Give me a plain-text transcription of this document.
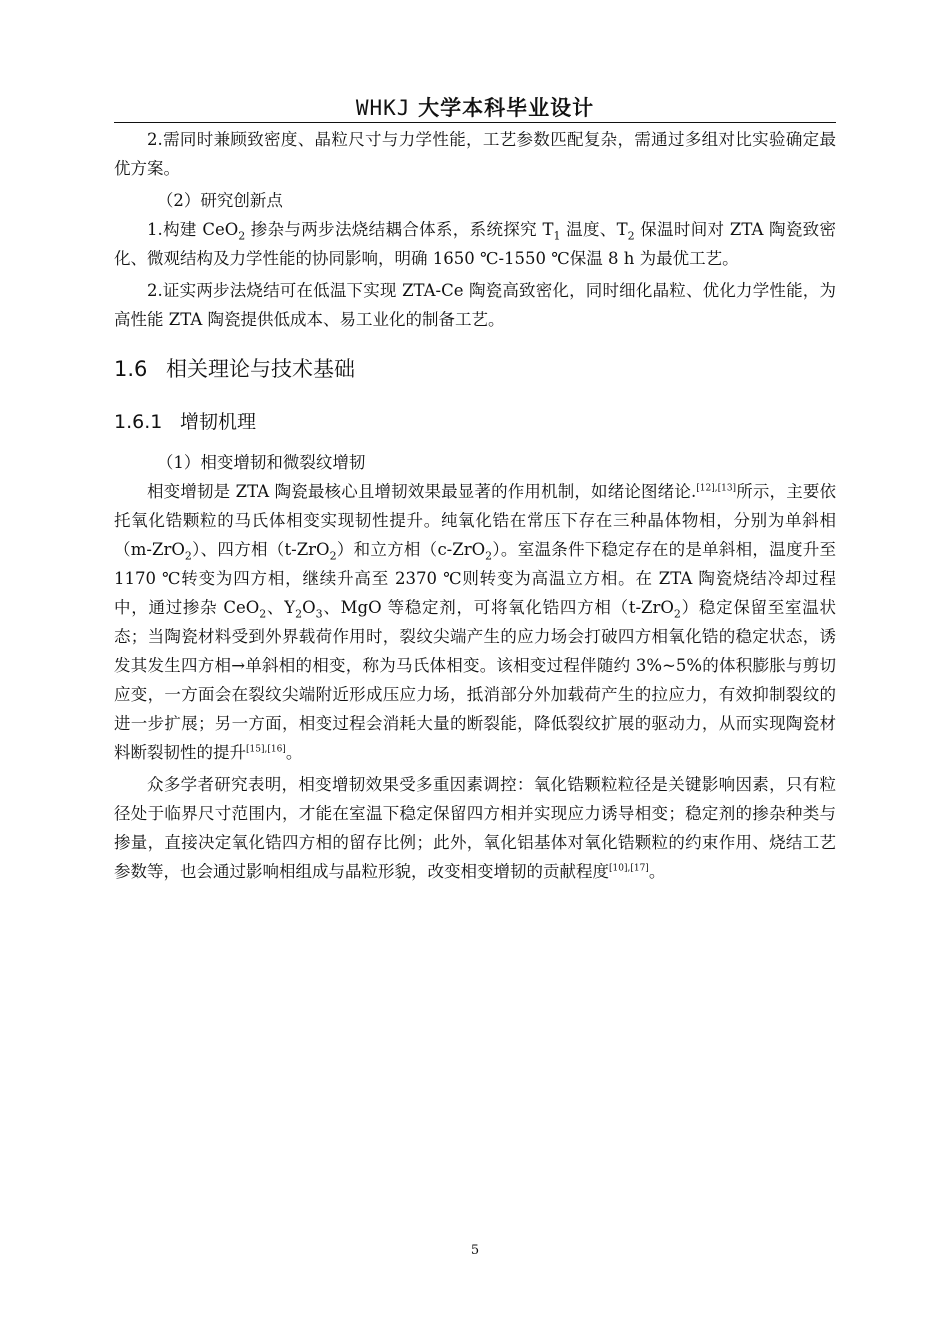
WHKJ 大学本科毕业设计

2.需同时兼顾致密度、晶粒尺寸与力学性能，工艺参数匹配复杂，需通过多组对比实验确定最优方案。

（2）研究创新点

1.构建 CeO$_2$ 掺杂与两步法烧结耦合体系，系统探究 $T_1$ 温度、$T_2$ 保温时间对 ZTA 陶瓷致密化、微观结构及力学性能的协同影响，明确 1650 ℃-1550 ℃保温 8 h 为最优工艺。

2.证实两步法烧结可在低温下实现 ZTA-Ce 陶瓷高致密化，同时细化晶粒、优化力学性能，为高性能 ZTA 陶瓷提供低成本、易工业化的制备工艺。

1.6 相关理论与技术基础
1.6.1 增韧机理

（1）相变增韧和微裂纹增韧

相变增韧是 ZTA 陶瓷最核心且增韧效果最显著的作用机制，如绪论图绪论.[12],[13]所示，主要依托氧化锆颗粒的马氏体相变实现韧性提升。纯氧化锆在常压下存在三种晶体物相，分别为单斜相（m-ZrO$_2$）、四方相（t-ZrO$_2$）和立方相（c-ZrO$_2$）。室温条件下稳定存在的是单斜相，温度升至 1170 ℃转变为四方相，继续升高至 2370 ℃则转变为高温立方相。在 ZTA 陶瓷烧结冷却过程中，通过掺杂 CeO$_2$、$Y_2O_3$、MgO 等稳定剂，可将氧化锆四方相（t-ZrO$_2$）稳定保留至室温状态；当陶瓷材料受到外界载荷作用时，裂纹尖端产生的应力场会打破四方相氧化锆的稳定状态，诱发其发生四方相→单斜相的相变，称为马氏体相变。该相变过程伴随约 3%~5%的体积膨胀与剪切应变，一方面会在裂纹尖端附近形成压应力场，抵消部分外加载荷产生的拉应力，有效抑制裂纹的进一步扩展；另一方面，相变过程会消耗大量的断裂能，降低裂纹扩展的驱动力，从而实现陶瓷材料断裂韧性的提升[15],[16]。

众多学者研究表明，相变增韧效果受多重因素调控：氧化锆颗粒粒径是关键影响因素，只有粒径处于临界尺寸范围内，才能在室温下稳定保留四方相并实现应力诱导相变；稳定剂的掺杂种类与掺量，直接决定氧化锆四方相的留存比例；此外，氧化铝基体对氧化锆颗粒的约束作用、烧结工艺参数等，也会通过影响相组成与晶粒形貌，改变相变增韧的贡献程度[10],[17]。

5
